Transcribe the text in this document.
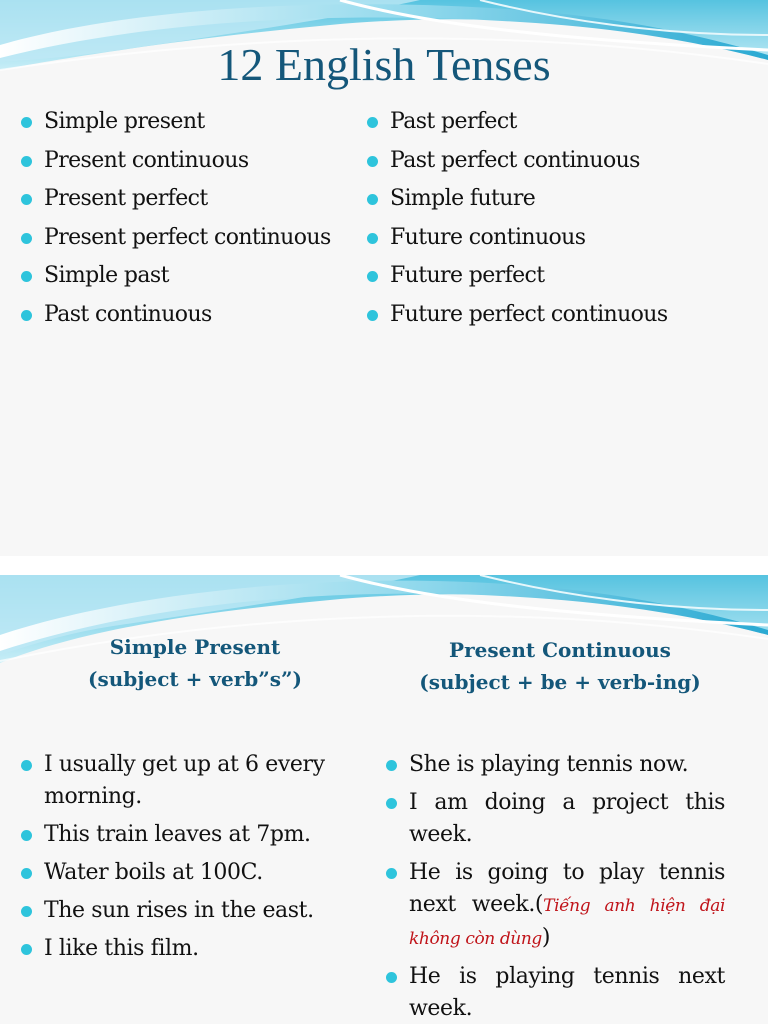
12 English Tenses
Simple present
Present continuous
Present perfect
Present perfect continuous
Simple past
Past continuous
Past perfect
Past perfect continuous
Simple future
Future continuous
Future perfect
Future perfect continuous
Simple Present
(subject + verb”s”)
Present Continuous
(subject + be + verb-ing)
I usually get up at 6 every morning.
This train leaves at 7pm.
Water boils at 100C.
The sun rises in the east.
I like this film.
She is playing tennis now.
I am doing a project this week.
He is going to play tennis next week.(Tiếng anh hiện đại không còn dùng)
He is playing tennis next week.
